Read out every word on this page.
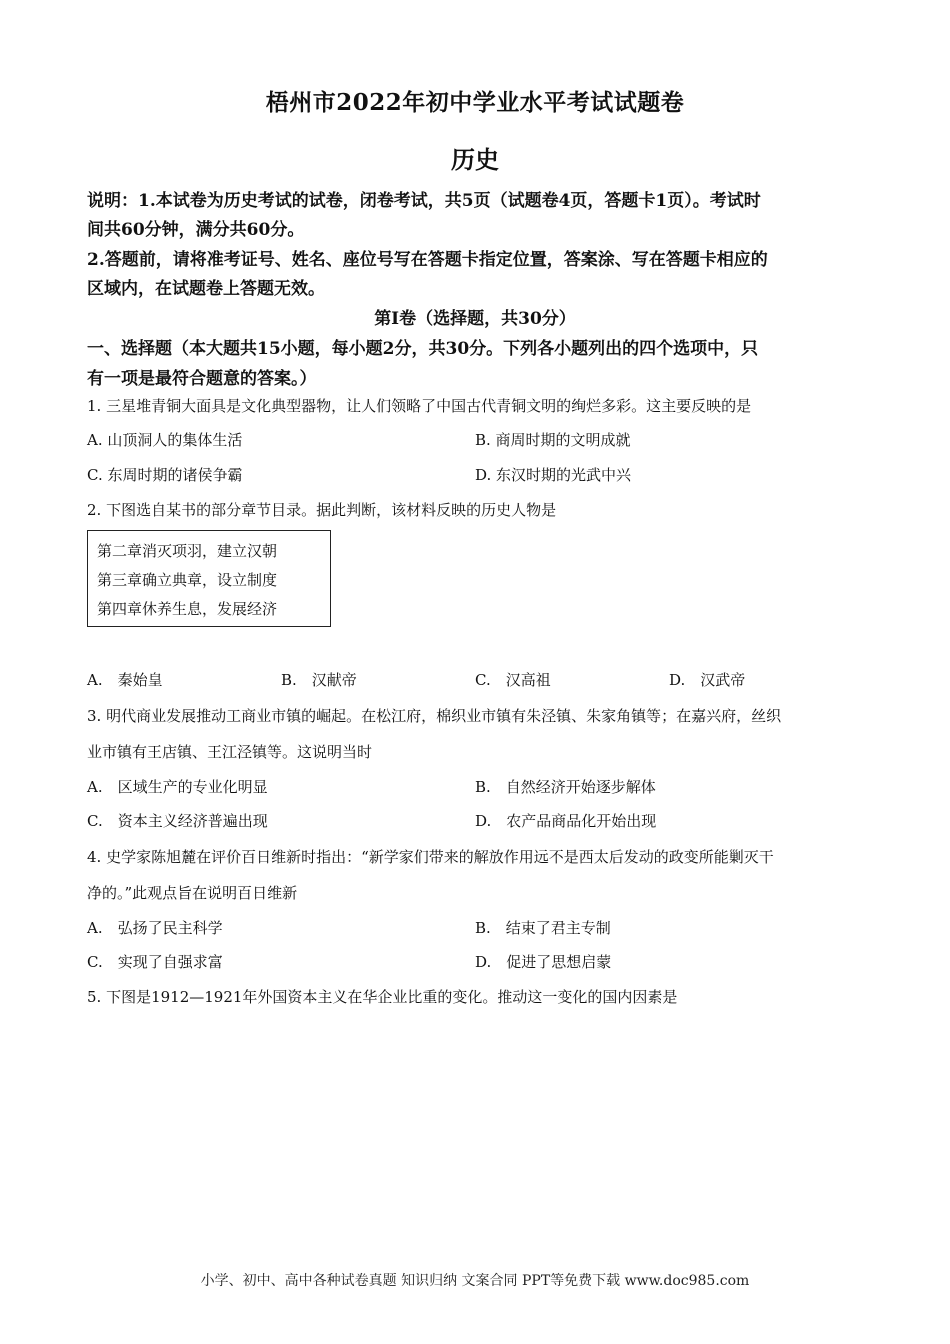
梧州市2022年初中学业水平考试试题卷
历史
说明：1.本试卷为历史考试的试卷，闭卷考试，共5页（试题卷4页，答题卡1页）。考试时
间共60分钟，满分共60分。
2.答题前，请将准考证号、姓名、座位号写在答题卡指定位置，答案涂、写在答题卡相应的
区域内，在试题卷上答题无效。
第I卷（选择题，共30分）
一、选择题（本大题共15小题，每小题2分，共30分。下列各小题列出的四个选项中，只
有一项是最符合题意的答案。）
1. 三星堆青铜大面具是文化典型器物，让人们领略了中国古代青铜文明的绚烂多彩。这主要反映的是
A. 山顶洞人的集体生活	B. 商周时期的文明成就
C. 东周时期的诸侯争霸	D. 东汉时期的光武中兴
2. 下图选自某书的部分章节目录。据此判断，该材料反映的历史人物是
第二章消灭项羽，建立汉朝
第三章确立典章，设立制度
第四章休养生息，发展经济
A.　秦始皇	B.　汉献帝	C.　汉高祖	D.　汉武帝
3. 明代商业发展推动工商业市镇的崛起。在松江府，棉织业市镇有朱泾镇、朱家角镇等；在嘉兴府，丝织
业市镇有王店镇、王江泾镇等。这说明当时
A.　区域生产的专业化明显	B.　自然经济开始逐步解体
C.　资本主义经济普遍出现	D.　农产品商品化开始出现
4. 史学家陈旭麓在评价百日维新时指出：“新学家们带来的解放作用远不是西太后发动的政变所能剿灭干
净的。”此观点旨在说明百日维新
A.　弘扬了民主科学	B.　结束了君主专制
C.　实现了自强求富	D.　促进了思想启蒙
5. 下图是1912—1921年外国资本主义在华企业比重的变化。推动这一变化的国内因素是
小学、初中、高中各种试卷真题 知识归纳 文案合同 PPT等免费下载 www.doc985.com
